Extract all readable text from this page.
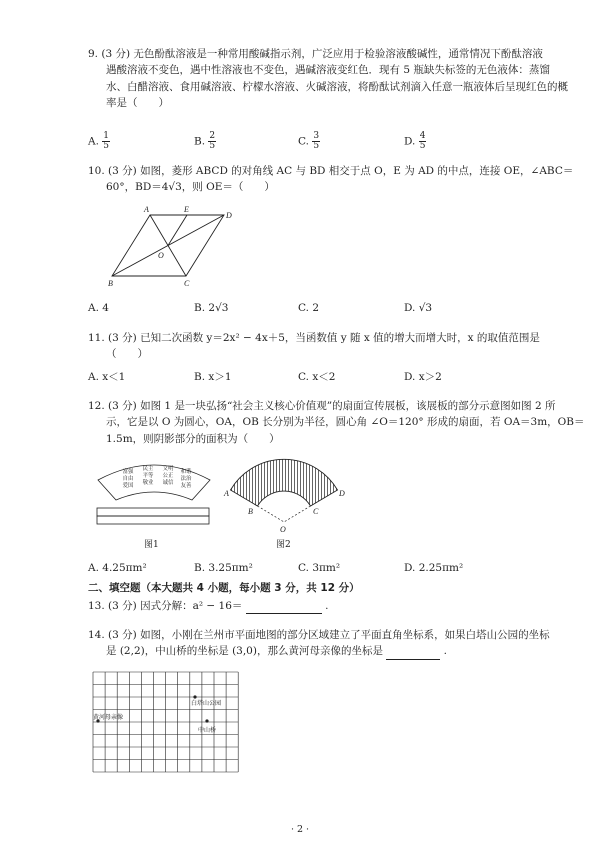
9. (3 分) 无色酚酞溶液是一种常用酸碱指示剂，广泛应用于检验溶液酸碱性，通常情况下酚酞溶液
遇酸溶液不变色，遇中性溶液也不变色，遇碱溶液变红色．现有 5 瓶缺失标签的无色液体：蒸馏
水、白醋溶液、食用碱溶液、柠檬水溶液、火碱溶液，将酚酞试剂滴入任意一瓶液体后呈现红色的概
率是（　　）
A. $\frac{1}{5}$	B. $\frac{2}{5}$	C. $\frac{3}{5}$	D. $\frac{4}{5}$
10. (3 分) 如图，菱形 ABCD 的对角线 AC 与 BD 相交于点 O，E 为 AD 的中点，连接 OE，∠ABC＝
60°，BD＝4√3，则 OE＝（　　）
A	E
D
O
B	C
A. 4	B. 2√3	C. 2	D. √3
11. (3 分) 已知二次函数 y＝2x² − 4x＋5，当函数值 y 随 x 值的增大而增大时，x 的取值范围是
（　　）
A. x＜1	B. x＞1	C. x＜2	D. x＞2
12. (3 分) 如图 1 是一块弘扬“社会主义核心价值观”的扇面宣传展板，该展板的部分示意图如图 2 所
示，它是以 O 为圆心，OA，OB 长分别为半径，圆心角 ∠O＝120° 形成的扇面，若 OA＝3m，OB＝
1.5m，则阴影部分的面积为（　　）
富强 民主 文明 和谐
自由 平等 公正 法治
爱国 敬业 诚信 友善
图1
A
B	C
D
O
图2
A. 4.25πm²	B. 3.25πm²	C. 3πm²	D. 2.25πm²
二、填空题（本大题共 4 小题，每小题 3 分，共 12 分）
13. (3 分) 因式分解：a² − 16＝	.
14. (3 分) 如图，小刚在兰州市平面地图的部分区域建立了平面直角坐标系，如果白塔山公园的坐标
是 (2,2)，中山桥的坐标是 (3,0)，那么黄河母亲像的坐标是	.
白塔山公园
黄河母亲像
中山桥
· 2 ·
